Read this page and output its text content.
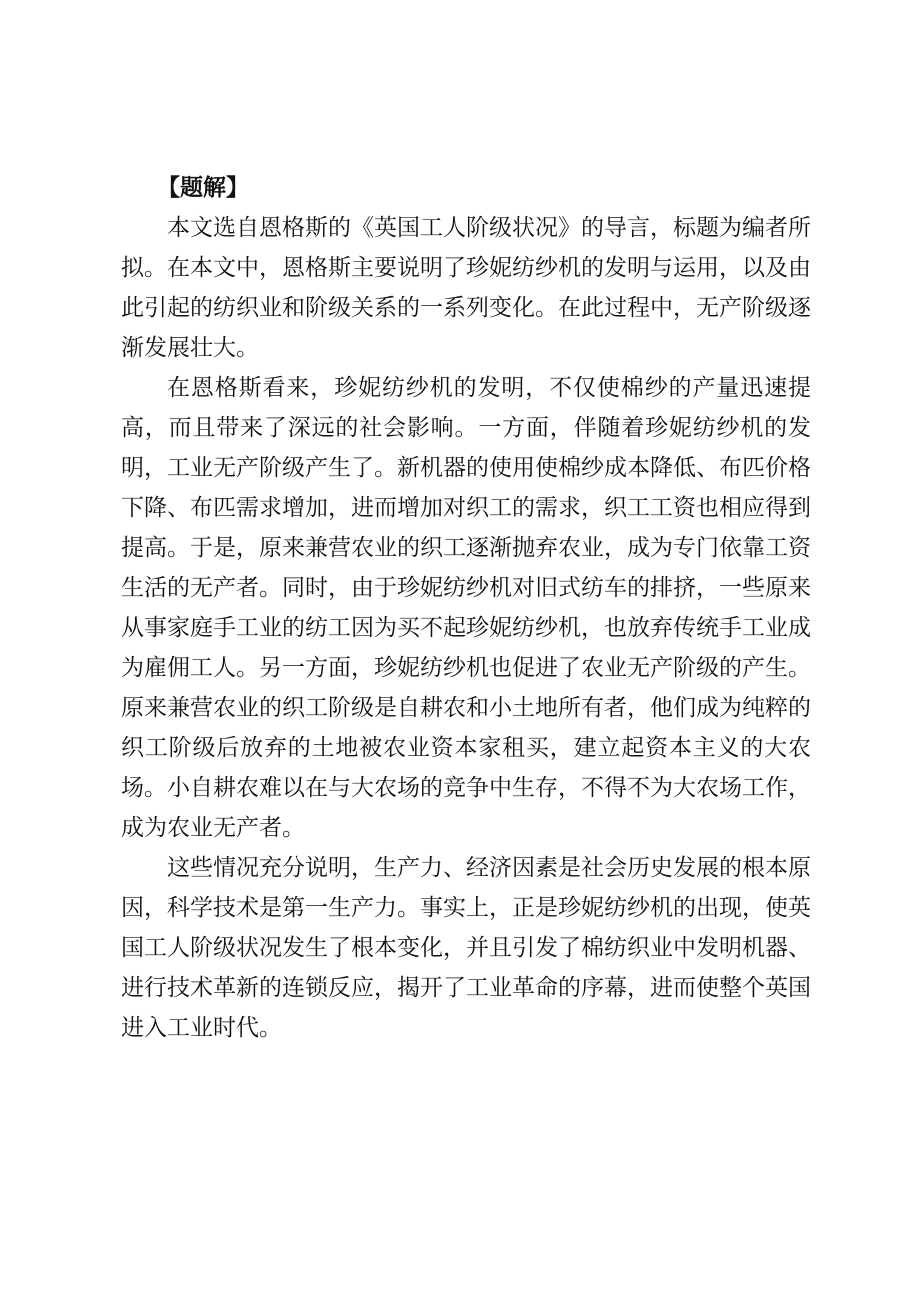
【题解】

本文选自恩格斯的《英国工人阶级状况》的导言，标题为编者所拟。在本文中，恩格斯主要说明了珍妮纺纱机的发明与运用，以及由此引起的纺织业和阶级关系的一系列变化。在此过程中，无产阶级逐渐发展壮大。

在恩格斯看来，珍妮纺纱机的发明，不仅使棉纱的产量迅速提高，而且带来了深远的社会影响。一方面，伴随着珍妮纺纱机的发明，工业无产阶级产生了。新机器的使用使棉纱成本降低、布匹价格下降、布匹需求增加，进而增加对织工的需求，织工工资也相应得到提高。于是，原来兼营农业的织工逐渐抛弃农业，成为专门依靠工资生活的无产者。同时，由于珍妮纺纱机对旧式纺车的排挤，一些原来从事家庭手工业的纺工因为买不起珍妮纺纱机，也放弃传统手工业成为雇佣工人。另一方面，珍妮纺纱机也促进了农业无产阶级的产生。原来兼营农业的织工阶级是自耕农和小土地所有者，他们成为纯粹的织工阶级后放弃的土地被农业资本家租买，建立起资本主义的大农场。小自耕农难以在与大农场的竞争中生存，不得不为大农场工作，成为农业无产者。

这些情况充分说明，生产力、经济因素是社会历史发展的根本原因，科学技术是第一生产力。事实上，正是珍妮纺纱机的出现，使英国工人阶级状况发生了根本变化，并且引发了棉纺织业中发明机器、进行技术革新的连锁反应，揭开了工业革命的序幕，进而使整个英国进入工业时代。
